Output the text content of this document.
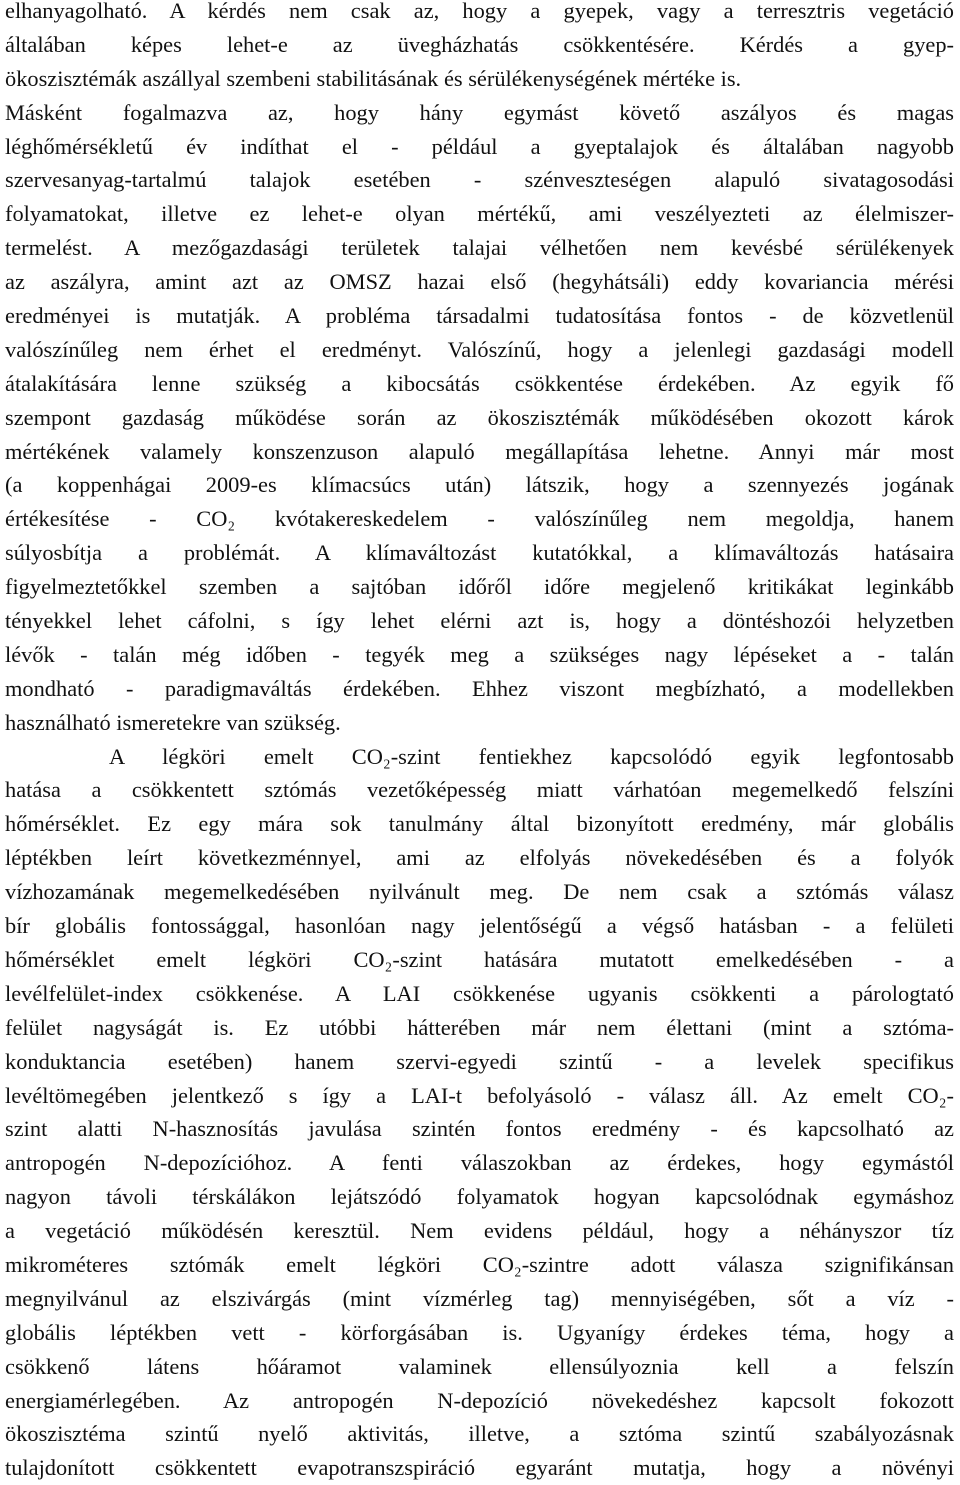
elhanyagolható. A kérdés nem csak az, hogy a gyepek, vagy a terresztris vegetáció
általában képes lehet-e az üvegházhatás csökkentésére. Kérdés a gyep-
ökoszisztémák aszállyal szembeni stabilitásának és sérülékenységének mértéke is.
Másként fogalmazva az, hogy hány egymást követő aszályos és magas
léghőmérsékletű év indíthat el - például a gyeptalajok és általában nagyobb
szervesanyag-tartalmú talajok esetében - szénveszteségen alapuló sivatagosodási
folyamatokat, illetve ez lehet-e olyan mértékű, ami veszélyezteti az élelmiszer-
termelést. A mezőgazdasági területek talajai vélhetően nem kevésbé sérülékenyek
az aszályra, amint azt az OMSZ hazai első (hegyhátsáli) eddy kovariancia mérési
eredményei is mutatják. A probléma társadalmi tudatosítása fontos - de közvetlenül
valószínűleg nem érhet el eredményt. Valószínű, hogy a jelenlegi gazdasági modell
átalakítására lenne szükség a kibocsátás csökkentése érdekében. Az egyik fő
szempont gazdaság működése során az ökoszisztémák működésében okozott károk
mértékének valamely konszenzuson alapuló megállapítása lehetne. Annyi már most
(a koppenhágai 2009-es klímacsúcs után) látszik, hogy a szennyezés jogának
értékesítése - CO₂ kvótakereskedelem - valószínűleg nem megoldja, hanem
súlyosbítja a problémát. A klímaváltozást kutatókkal, a klímaváltozás hatásaira
figyelmeztetőkkel szemben a sajtóban időről időre megjelenő kritikákat leginkább
tényekkel lehet cáfolni, s így lehet elérni azt is, hogy a döntéshozói helyzetben
lévők - talán még időben - tegyék meg a szükséges nagy lépéseket a - talán
mondható - paradigmaváltás érdekében. Ehhez viszont megbízható, a modellekben
használható ismeretekre van szükség.
A légköri emelt CO₂-szint fentiekhez kapcsolódó egyik legfontosabb
hatása a csökkentett sztómás vezetőképesség miatt várhatóan megemelkedő felszíni
hőmérséklet. Ez egy mára sok tanulmány által bizonyított eredmény, már globális
léptékben leírt következménnyel, ami az elfolyás növekedésében és a folyók
vízhozamának megemelkedésében nyilvánult meg. De nem csak a sztómás válasz
bír globális fontossággal, hasonlóan nagy jelentőségű a végső hatásban - a felületi
hőmérséklet emelt légköri CO₂-szint hatására mutatott emelkedésében - a
levélfelület-index csökkenése. A LAI csökkenése ugyanis csökkenti a párologtató
felület nagyságát is. Ez utóbbi hátterében már nem élettani (mint a sztóma-
konduktancia esetében) hanem szervi-egyedi szintű - a levelek specifikus
levéltömegében jelentkező s így a LAI-t befolyásoló - válasz áll. Az emelt CO₂-
szint alatti N-hasznosítás javulása szintén fontos eredmény - és kapcsolható az
antropogén N-depozícióhoz. A fenti válaszokban az érdekes, hogy egymástól
nagyon távoli térskálákon lejátszódó folyamatok hogyan kapcsolódnak egymáshoz
a vegetáció működésén keresztül. Nem evidens például, hogy a néhányszor tíz
mikrométeres sztómák emelt légköri CO₂-szintre adott válasza szignifikánsan
megnyilvánul az elszivárgás (mint vízmérleg tag) mennyiségében, sőt a víz -
globális léptékben vett - körforgásában is. Ugyanígy érdekes téma, hogy a
csökkenő látens hőáramot valaminek ellensúlyoznia kell a felszín
energiamérlegében. Az antropogén N-depozíció növekedéshez kapcsolt fokozott
ökoszisztéma szintű nyelő aktivitás, illetve, a sztóma szintű szabályozásnak
tulajdonított csökkentett evapotranszspiráció egyaránt mutatja, hogy a növényi
